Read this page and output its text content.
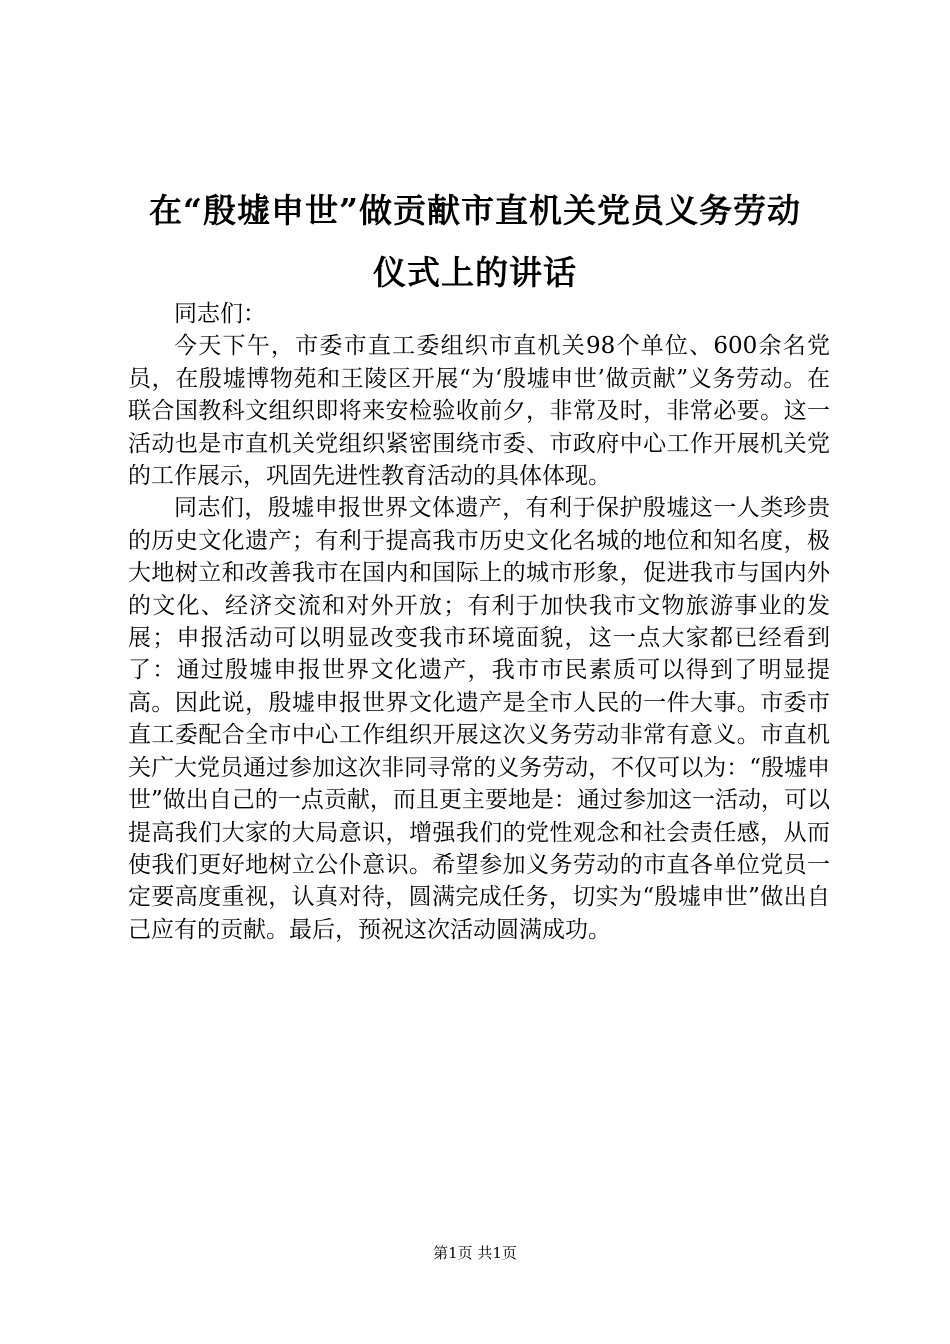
在“殷墟申世”做贡献市直机关党员义务劳动
仪式上的讲话

同志们：

今天下午，市委市直工委组织市直机关98个单位、600余名党员，在殷墟博物苑和王陵区开展“为‘殷墟申世’做贡献”义务劳动。在联合国教科文组织即将来安检验收前夕，非常及时，非常必要。这一活动也是市直机关党组织紧密围绕市委、市政府中心工作开展机关党的工作展示，巩固先进性教育活动的具体体现。

同志们，殷墟申报世界文体遗产，有利于保护殷墟这一人类珍贵的历史文化遗产；有利于提高我市历史文化名城的地位和知名度，极大地树立和改善我市在国内和国际上的城市形象，促进我市与国内外的文化、经济交流和对外开放；有利于加快我市文物旅游事业的发展；申报活动可以明显改变我市环境面貌，这一点大家都已经看到了：通过殷墟申报世界文化遗产，我市市民素质可以得到了明显提高。因此说，殷墟申报世界文化遗产是全市人民的一件大事。市委市直工委配合全市中心工作组织开展这次义务劳动非常有意义。市直机关广大党员通过参加这次非同寻常的义务劳动，不仅可以为：“殷墟申世”做出自己的一点贡献，而且更主要地是：通过参加这一活动，可以提高我们大家的大局意识，增强我们的党性观念和社会责任感，从而使我们更好地树立公仆意识。希望参加义务劳动的市直各单位党员一定要高度重视，认真对待，圆满完成任务，切实为“殷墟申世”做出自己应有的贡献。最后，预祝这次活动圆满成功。

第1页 共1页
